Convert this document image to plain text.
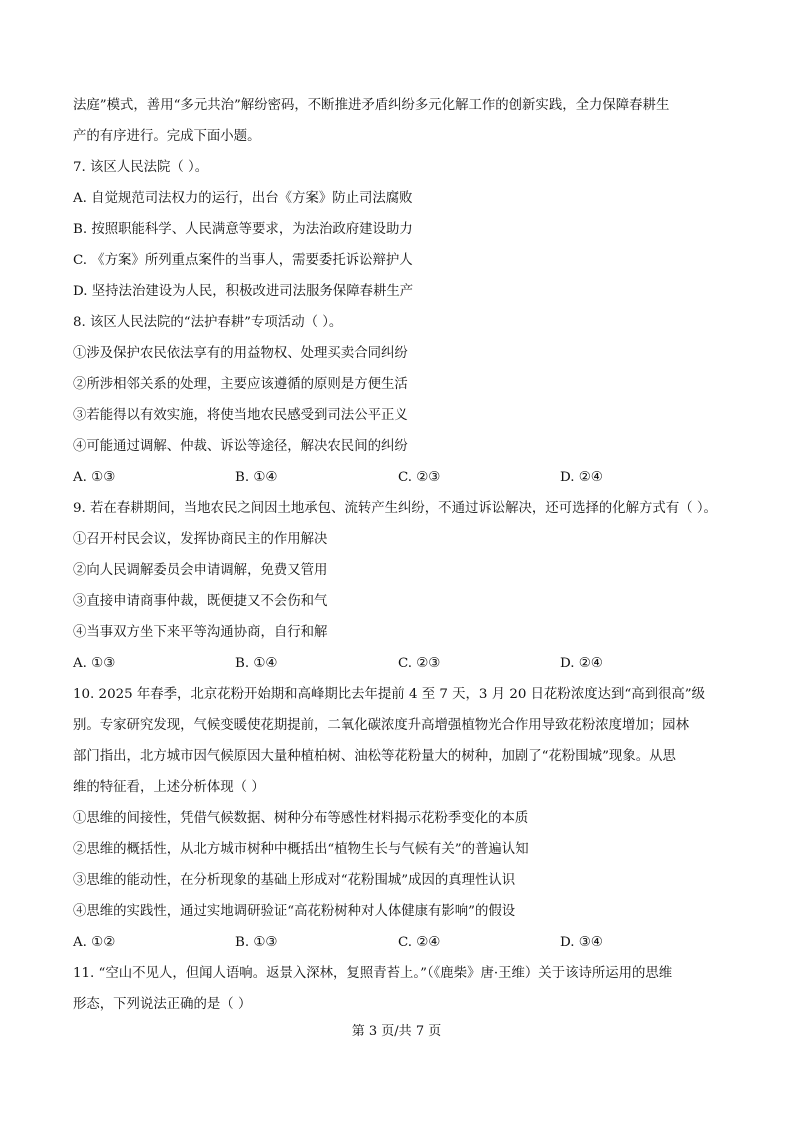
法庭”模式，善用“多元共治”解纷密码，不断推进矛盾纠纷多元化解工作的创新实践，全力保障春耕生
产的有序进行。完成下面小题。
7. 该区人民法院（ ）。
A. 自觉规范司法权力的运行，出台《方案》防止司法腐败
B. 按照职能科学、人民满意等要求，为法治政府建设助力
C. 《方案》所列重点案件的当事人，需要委托诉讼辩护人
D. 坚持法治建设为人民，积极改进司法服务保障春耕生产
8. 该区人民法院的“法护春耕”专项活动（ ）。
①涉及保护农民依法享有的用益物权、处理买卖合同纠纷
②所涉相邻关系的处理，主要应该遵循的原则是方便生活
③若能得以有效实施，将使当地农民感受到司法公平正义
④可能通过调解、仲裁、诉讼等途径，解决农民间的纠纷
A. ①③	B. ①④	C. ②③	D. ②④
9. 若在春耕期间，当地农民之间因土地承包、流转产生纠纷，不通过诉讼解决，还可选择的化解方式有（ ）。
①召开村民会议，发挥协商民主的作用解决
②向人民调解委员会申请调解，免费又管用
③直接申请商事仲裁，既便捷又不会伤和气
④当事双方坐下来平等沟通协商，自行和解
A. ①③	B. ①④	C. ②③	D. ②④
10. 2025 年春季，北京花粉开始期和高峰期比去年提前 4 至 7 天，3 月 20 日花粉浓度达到“高到很高”级
别。专家研究发现，气候变暖使花期提前，二氧化碳浓度升高增强植物光合作用导致花粉浓度增加；园林
部门指出，北方城市因气候原因大量种植柏树、油松等花粉量大的树种，加剧了“花粉围城”现象。从思
维的特征看，上述分析体现（ ）
①思维的间接性，凭借气候数据、树种分布等感性材料揭示花粉季变化的本质
②思维的概括性，从北方城市树种中概括出“植物生长与气候有关”的普遍认知
③思维的能动性，在分析现象的基础上形成对“花粉围城”成因的真理性认识
④思维的实践性，通过实地调研验证“高花粉树种对人体健康有影响”的假设
A. ①②	B. ①③	C. ②④	D. ③④
11. “空山不见人，但闻人语响。返景入深林，复照青苔上。”（《鹿柴》唐·王维）关于该诗所运用的思维
形态，下列说法正确的是（ ）
第 3 页/共 7 页
